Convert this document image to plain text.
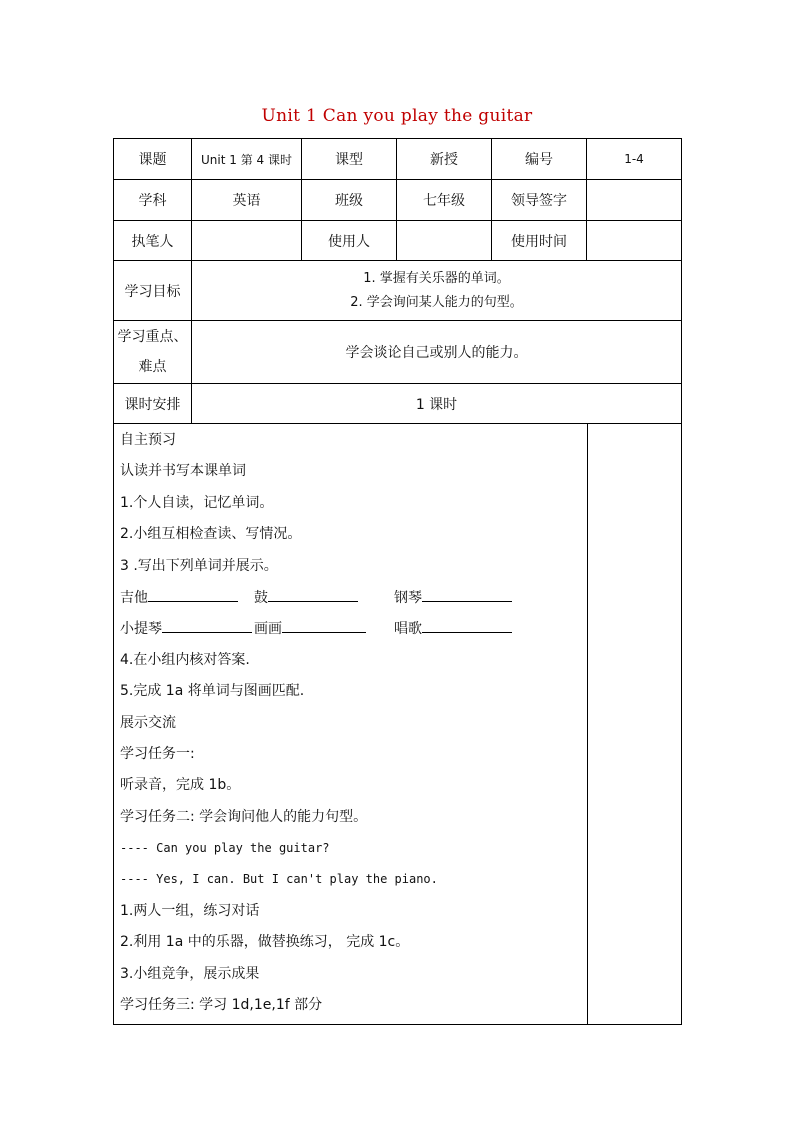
Unit 1 Can you play the guitar
课题	Unit 1 第 4 课时	课型	新授	编号	1-4
学科	英语	班级	七年级	领导签字	
执笔人		使用人		使用时间	
学习目标	1. 掌握有关乐器的单词。
2. 学会询问某人能力的句型。				

学习重点、
难点	学会谈论自己或别人的能力。				
课时安排	1 课时				
自主预习
认读并书写本课单词
1.个人自读，记忆单词。
2.小组互相检查读、写情况。
3 .写出下列单词并展示。
吉他	鼓	钢琴
小提琴	画画	唱歌
4.在小组内核对答案.
5.完成 1a 将单词与图画匹配.
展示交流
学习任务一:
听录音，完成 1b。
学习任务二: 学会询问他人的能力句型。
---- Can you play the guitar?
---- Yes, I can. But I can't play the piano.
1.两人一组，练习对话
2.利用 1a 中的乐器，做替换练习， 完成 1c。
3.小组竞争，展示成果
学习任务三: 学习 1d,1e,1f 部分
